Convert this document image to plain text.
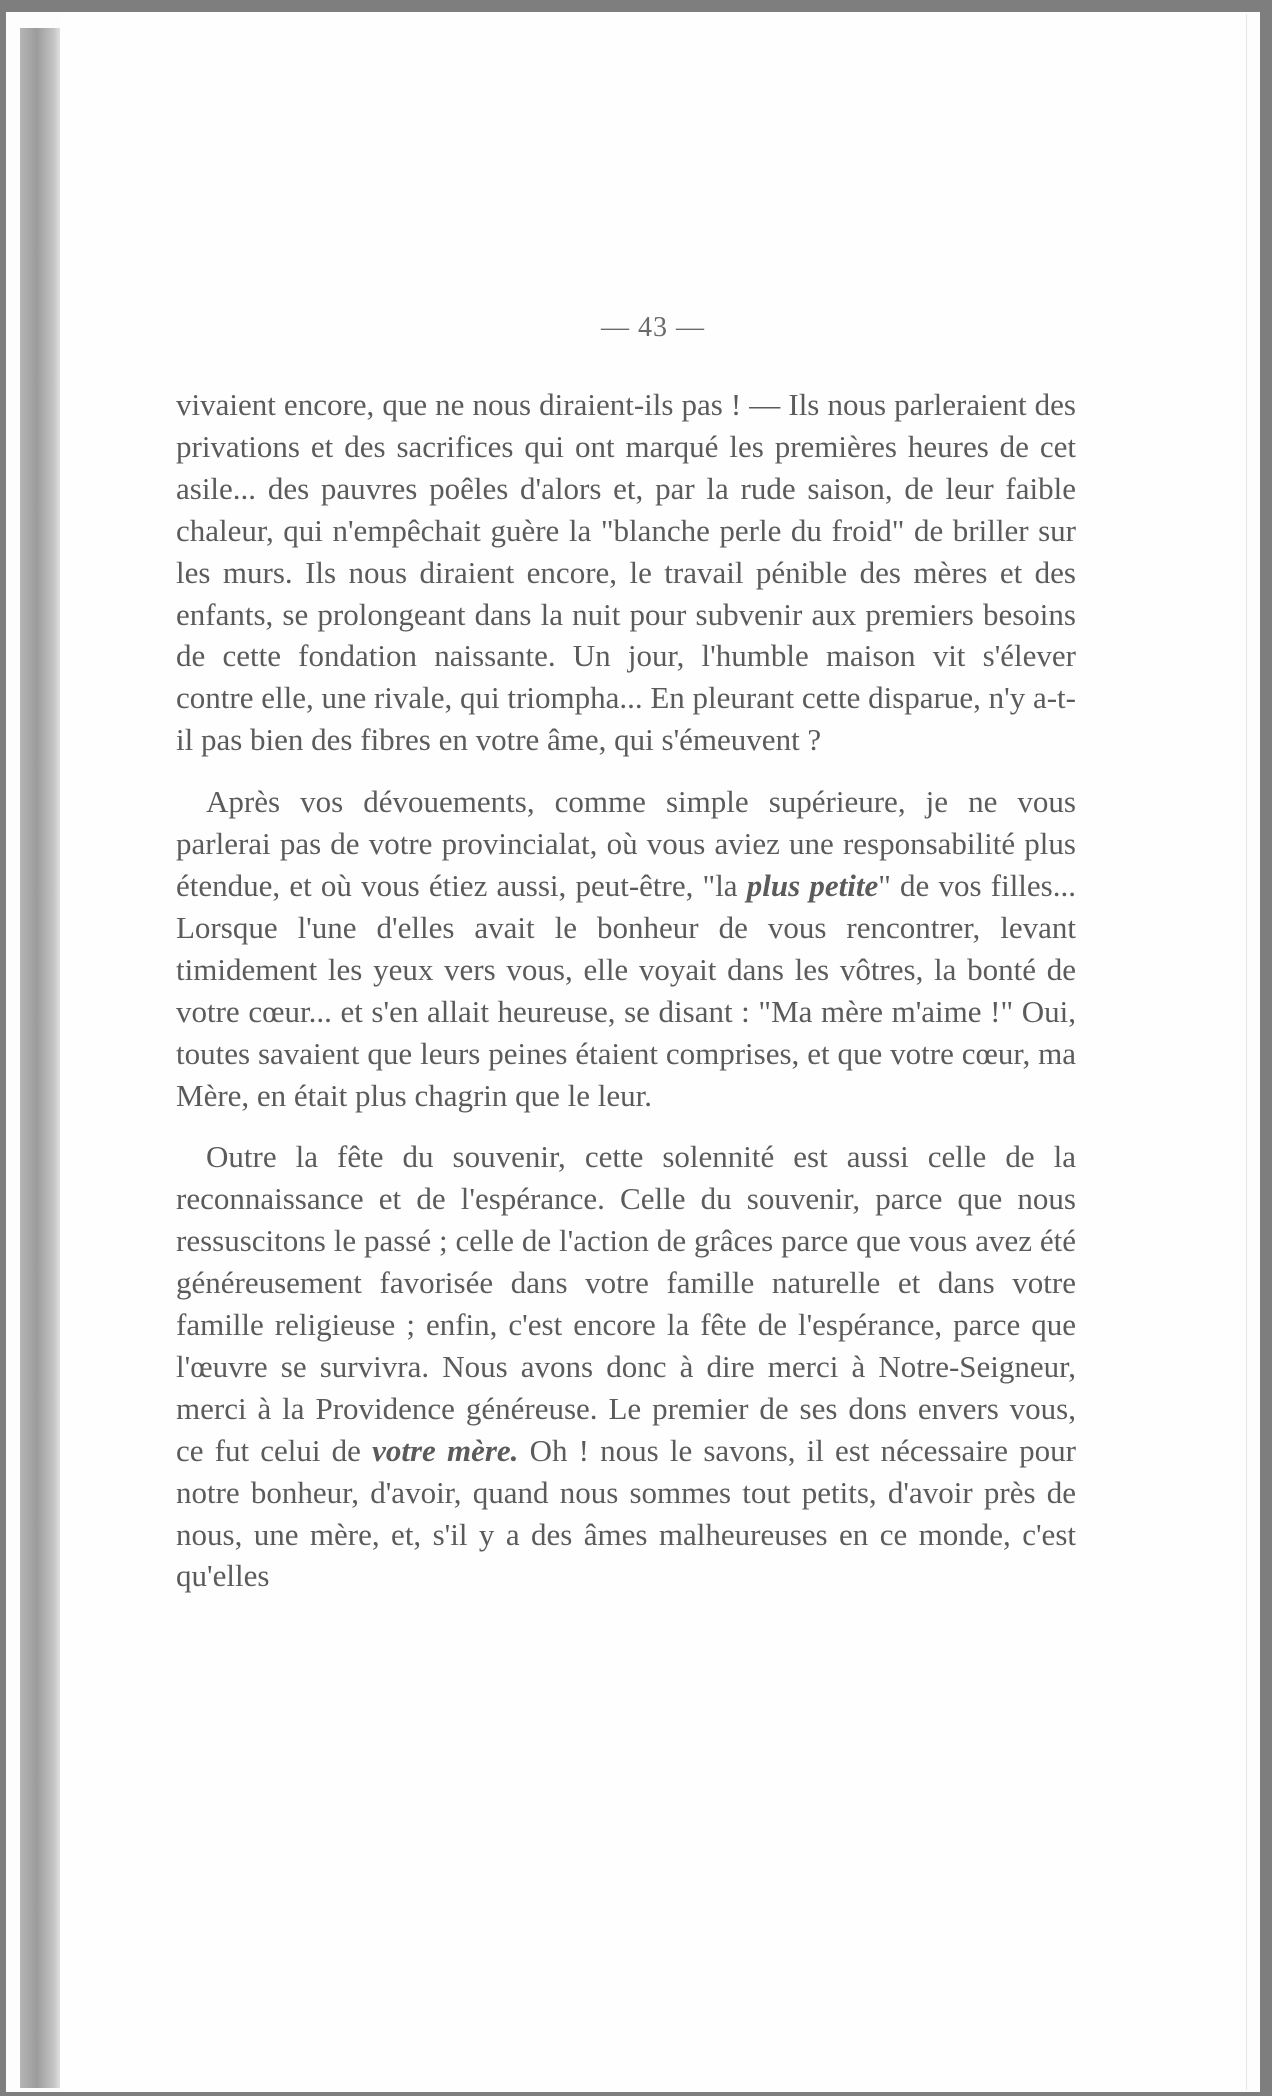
— 43 —

vivaient encore, que ne nous diraient-ils pas ! — Ils nous parleraient des privations et des sacrifices qui ont marqué les premières heures de cet asile... des pauvres poêles d'alors et, par la rude saison, de leur faible chaleur, qui n'empêchait guère la "blanche perle du froid" de briller sur les murs. Ils nous diraient encore, le travail pénible des mères et des enfants, se prolongeant dans la nuit pour subvenir aux premiers besoins de cette fondation naissante. Un jour, l'humble maison vit s'élever contre elle, une rivale, qui triompha... En pleurant cette disparue, n'y a-t-il pas bien des fibres en votre âme, qui s'émeuvent ?

Après vos dévouements, comme simple supérieure, je ne vous parlerai pas de votre provincialat, où vous aviez une responsabilité plus étendue, et où vous étiez aussi, peut-être, "la plus petite" de vos filles... Lorsque l'une d'elles avait le bonheur de vous rencontrer, levant timidement les yeux vers vous, elle voyait dans les vôtres, la bonté de votre cœur... et s'en allait heureuse, se disant : "Ma mère m'aime !" Oui, toutes savaient que leurs peines étaient comprises, et que votre cœur, ma Mère, en était plus chagrin que le leur.

Outre la fête du souvenir, cette solennité est aussi celle de la reconnaissance et de l'espérance. Celle du souvenir, parce que nous ressuscitons le passé ; celle de l'action de grâces parce que vous avez été généreusement favorisée dans votre famille naturelle et dans votre famille religieuse ; enfin, c'est encore la fête de l'espérance, parce que l'œuvre se survivra. Nous avons donc à dire merci à Notre-Seigneur, merci à la Providence généreuse. Le premier de ses dons envers vous, ce fut celui de votre mère. Oh ! nous le savons, il est nécessaire pour notre bonheur, d'avoir, quand nous sommes tout petits, d'avoir près de nous, une mère, et, s'il y a des âmes malheureuses en ce monde, c'est qu'elles
